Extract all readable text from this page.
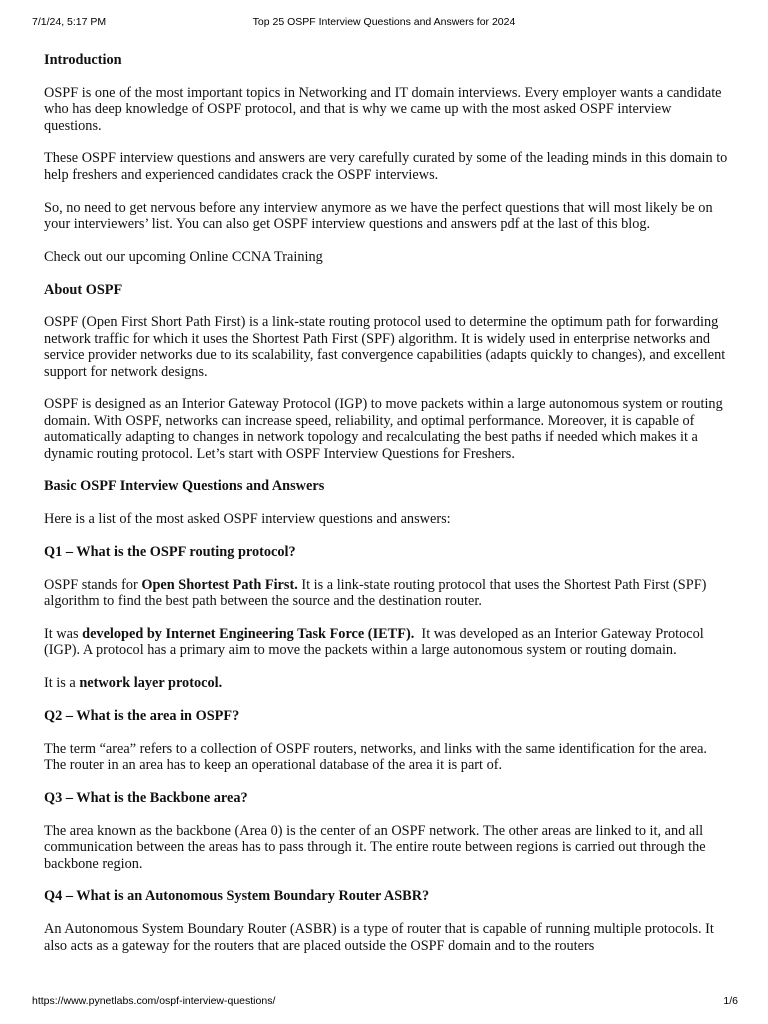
7/1/24, 5:17 PM	Top 25 OSPF Interview Questions and Answers for 2024
Introduction

OSPF is one of the most important topics in Networking and IT domain interviews. Every employer wants a candidate who has deep knowledge of OSPF protocol, and that is why we came up with the most asked OSPF interview questions.

These OSPF interview questions and answers are very carefully curated by some of the leading minds in this domain to help freshers and experienced candidates crack the OSPF interviews.

So, no need to get nervous before any interview anymore as we have the perfect questions that will most likely be on your interviewers’ list. You can also get OSPF interview questions and answers pdf at the last of this blog.

Check out our upcoming Online CCNA Training

About OSPF

OSPF (Open First Short Path First) is a link-state routing protocol used to determine the optimum path for forwarding network traffic for which it uses the Shortest Path First (SPF) algorithm. It is widely used in enterprise networks and service provider networks due to its scalability, fast convergence capabilities (adapts quickly to changes), and excellent support for network designs.

OSPF is designed as an Interior Gateway Protocol (IGP) to move packets within a large autonomous system or routing domain. With OSPF, networks can increase speed, reliability, and optimal performance. Moreover, it is capable of automatically adapting to changes in network topology and recalculating the best paths if needed which makes it a dynamic routing protocol. Let’s start with OSPF Interview Questions for Freshers.

Basic OSPF Interview Questions and Answers

Here is a list of the most asked OSPF interview questions and answers:

Q1 – What is the OSPF routing protocol?

OSPF stands for Open Shortest Path First. It is a link-state routing protocol that uses the Shortest Path First (SPF) algorithm to find the best path between the source and the destination router.

It was developed by Internet Engineering Task Force (IETF).  It was developed as an Interior Gateway Protocol (IGP). A protocol has a primary aim to move the packets within a large autonomous system or routing domain.

It is a network layer protocol.

Q2 – What is the area in OSPF?

The term “area” refers to a collection of OSPF routers, networks, and links with the same identification for the area. The router in an area has to keep an operational database of the area it is part of.

Q3 – What is the Backbone area?

The area known as the backbone (Area 0) is the center of an OSPF network. The other areas are linked to it, and all communication between the areas has to pass through it. The entire route between regions is carried out through the backbone region.

Q4 – What is an Autonomous System Boundary Router ASBR?

An Autonomous System Boundary Router (ASBR) is a type of router that is capable of running multiple protocols. It also acts as a gateway for the routers that are placed outside the OSPF domain and to the routers

https://www.pynetlabs.com/ospf-interview-questions/	1/6
